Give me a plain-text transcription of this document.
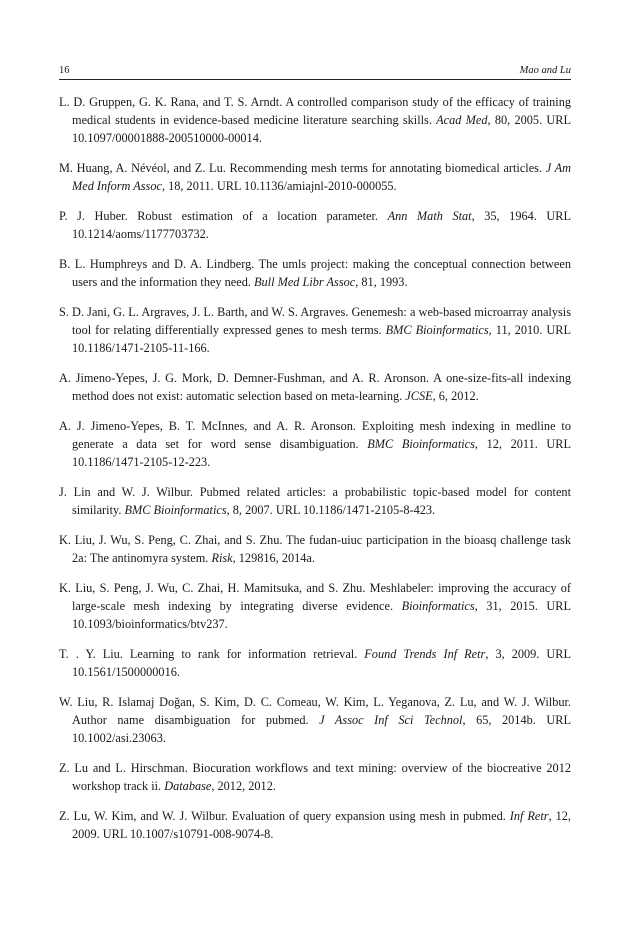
16	Mao and Lu

L. D. Gruppen, G. K. Rana, and T. S. Arndt. A controlled comparison study of the efficacy of training medical students in evidence-based medicine literature searching skills. Acad Med, 80, 2005. URL 10.1097/00001888-200510000-00014.

M. Huang, A. Névéol, and Z. Lu. Recommending mesh terms for annotating biomedical articles. J Am Med Inform Assoc, 18, 2011. URL 10.1136/amiajnl-2010-000055.

P. J. Huber. Robust estimation of a location parameter. Ann Math Stat, 35, 1964. URL 10.1214/aoms/1177703732.

B. L. Humphreys and D. A. Lindberg. The umls project: making the conceptual connection between users and the information they need. Bull Med Libr Assoc, 81, 1993.

S. D. Jani, G. L. Argraves, J. L. Barth, and W. S. Argraves. Genemesh: a web-based microarray analysis tool for relating differentially expressed genes to mesh terms. BMC Bioinformatics, 11, 2010. URL 10.1186/1471-2105-11-166.

A. Jimeno-Yepes, J. G. Mork, D. Demner-Fushman, and A. R. Aronson. A one-size-fits-all indexing method does not exist: automatic selection based on meta-learning. JCSE, 6, 2012.

A. J. Jimeno-Yepes, B. T. McInnes, and A. R. Aronson. Exploiting mesh indexing in medline to generate a data set for word sense disambiguation. BMC Bioinformatics, 12, 2011. URL 10.1186/1471-2105-12-223.

J. Lin and W. J. Wilbur. Pubmed related articles: a probabilistic topic-based model for content similarity. BMC Bioinformatics, 8, 2007. URL 10.1186/1471-2105-8-423.

K. Liu, J. Wu, S. Peng, C. Zhai, and S. Zhu. The fudan-uiuc participation in the bioasq challenge task 2a: The antinomyra system. Risk, 129816, 2014a.

K. Liu, S. Peng, J. Wu, C. Zhai, H. Mamitsuka, and S. Zhu. Meshlabeler: improving the accuracy of large-scale mesh indexing by integrating diverse evidence. Bioinformatics, 31, 2015. URL 10.1093/bioinformatics/btv237.

T. . Y. Liu. Learning to rank for information retrieval. Found Trends Inf Retr, 3, 2009. URL 10.1561/1500000016.

W. Liu, R. Islamaj Doğan, S. Kim, D. C. Comeau, W. Kim, L. Yeganova, Z. Lu, and W. J. Wilbur. Author name disambiguation for pubmed. J Assoc Inf Sci Technol, 65, 2014b. URL 10.1002/asi.23063.

Z. Lu and L. Hirschman. Biocuration workflows and text mining: overview of the biocreative 2012 workshop track ii. Database, 2012, 2012.

Z. Lu, W. Kim, and W. J. Wilbur. Evaluation of query expansion using mesh in pubmed. Inf Retr, 12, 2009. URL 10.1007/s10791-008-9074-8.
